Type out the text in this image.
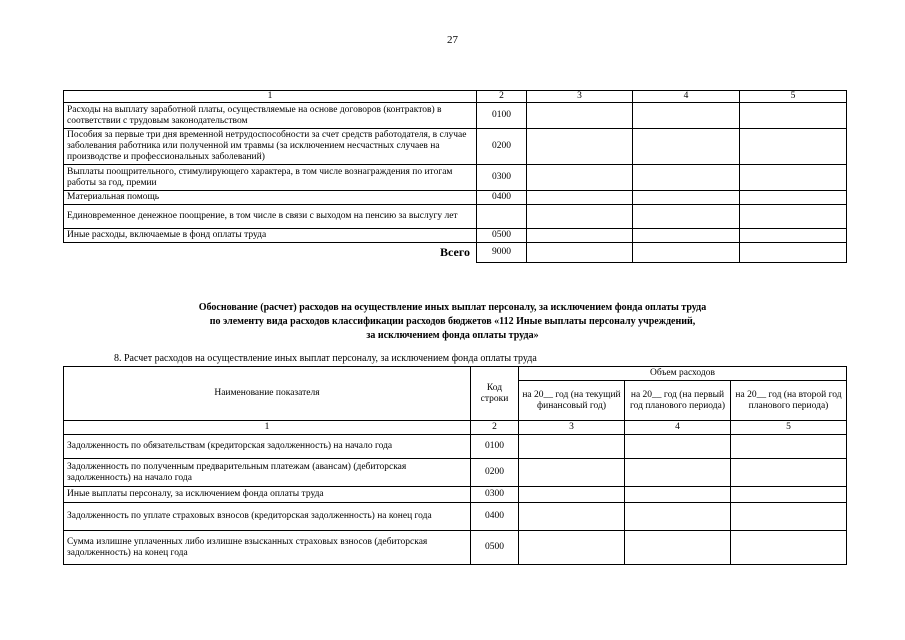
27
1	2	3	4	5
Расходы на выплату заработной платы, осуществляемые на основе договоров (контрактов) в соответствии с трудовым законодательством	0100			
Пособия за первые три дня временной нетрудоспособности за счет средств работодателя, в случае заболевания работника или полученной им травмы (за исключением несчастных случаев на производстве и профессиональных заболеваний)	0200			
Выплаты поощрительного, стимулирующего характера, в том числе вознаграждения по итогам работы за год, премии	0300			
Материальная помощь	0400			
Единовременное денежное поощрение, в том числе в связи с выходом на пенсию за выслугу лет				
Иные расходы, включаемые в фонд оплаты труда	0500			
Всего	9000			
Обоснование (расчет) расходов на осуществление иных выплат персоналу, за исключением фонда оплаты труда
по элементу вида расходов классификации расходов бюджетов «112 Иные выплаты персоналу учреждений,
за исключением фонда оплаты труда»
8. Расчет расходов на осуществление иных выплат персоналу, за исключением фонда оплаты труда
Наименование показателя	Код строки	Объем расходов		
		на 20__ год (на текущий финансовый год)	на 20__ год (на первый год планового периода)	на 20__ год (на второй год планового периода)
1	2	3	4	5
Задолженность по обязательствам (кредиторская задолженность) на начало года	0100			
Задолженность по полученным предварительным платежам (авансам) (дебиторская задолженность) на начало года	0200			
Иные выплаты персоналу, за исключением фонда оплаты труда	0300			
Задолженность по уплате страховых взносов (кредиторская задолженность) на конец года	0400			
Сумма излишне уплаченных либо излишне взысканных страховых взносов (дебиторская задолженность) на конец года	0500			
